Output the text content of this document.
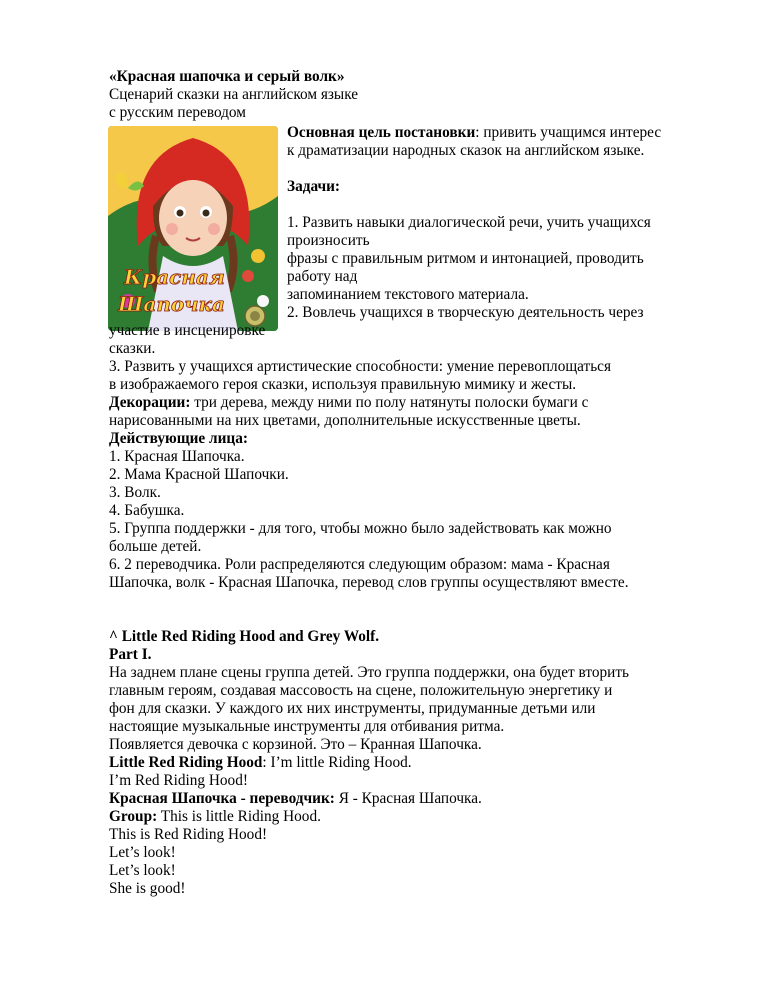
«Красная шапочка и серый волк»
Сценарий сказки на английском языке
с русским переводом
Красная
Шапочка
Основная цель постановки: привить учащимся интерес
к драматизации народных сказок на английском языке.
Задачи:
1. Развить навыки диалогической речи, учить учащихся
произносить
фразы с правильным ритмом и интонацией, проводить
работу над
запоминанием текстового материала.
2. Вовлечь учащихся в творческую деятельность через
участие в инсценировке
сказки.
3. Развить у учащихся артистические способности: умение перевоплощаться
в изображаемого героя сказки, используя правильную мимику и жесты.
Декорации: три дерева, между ними по полу натянуты полоски бумаги с
нарисованными на них цветами, дополнительные искусственные цветы.
Действующие лица:
1. Красная Шапочка.
2. Мама Красной Шапочки.
3. Волк.
4. Бабушка.
5. Группа поддержки - для того, чтобы можно было задействовать как можно
больше детей.
6. 2 переводчика. Роли распределяются следующим образом: мама - Красная
Шапочка, волк - Красная Шапочка, перевод слов группы осуществляют вместе.
^ Little Red Riding Hood and Grey Wolf.
Part I.
На заднем плане сцены группа детей. Это группа поддержки, она будет вторить
главным героям, создавая массовость на сцене, положительную энергетику и
фон для сказки. У каждого их них инструменты, придуманные детьми или
настоящие музыкальные инструменты для отбивания ритма.
Появляется девочка с корзиной. Это – Кранная Шапочка.
Little Red Riding Hood: I’m little Riding Hood.
I’m Red Riding Hood!
Красная Шапочка - переводчик: Я - Красная Шапочка.
Group: This is little Riding Hood.
This is Red Riding Hood!
Let’s look!
Let’s look!
She is good!
